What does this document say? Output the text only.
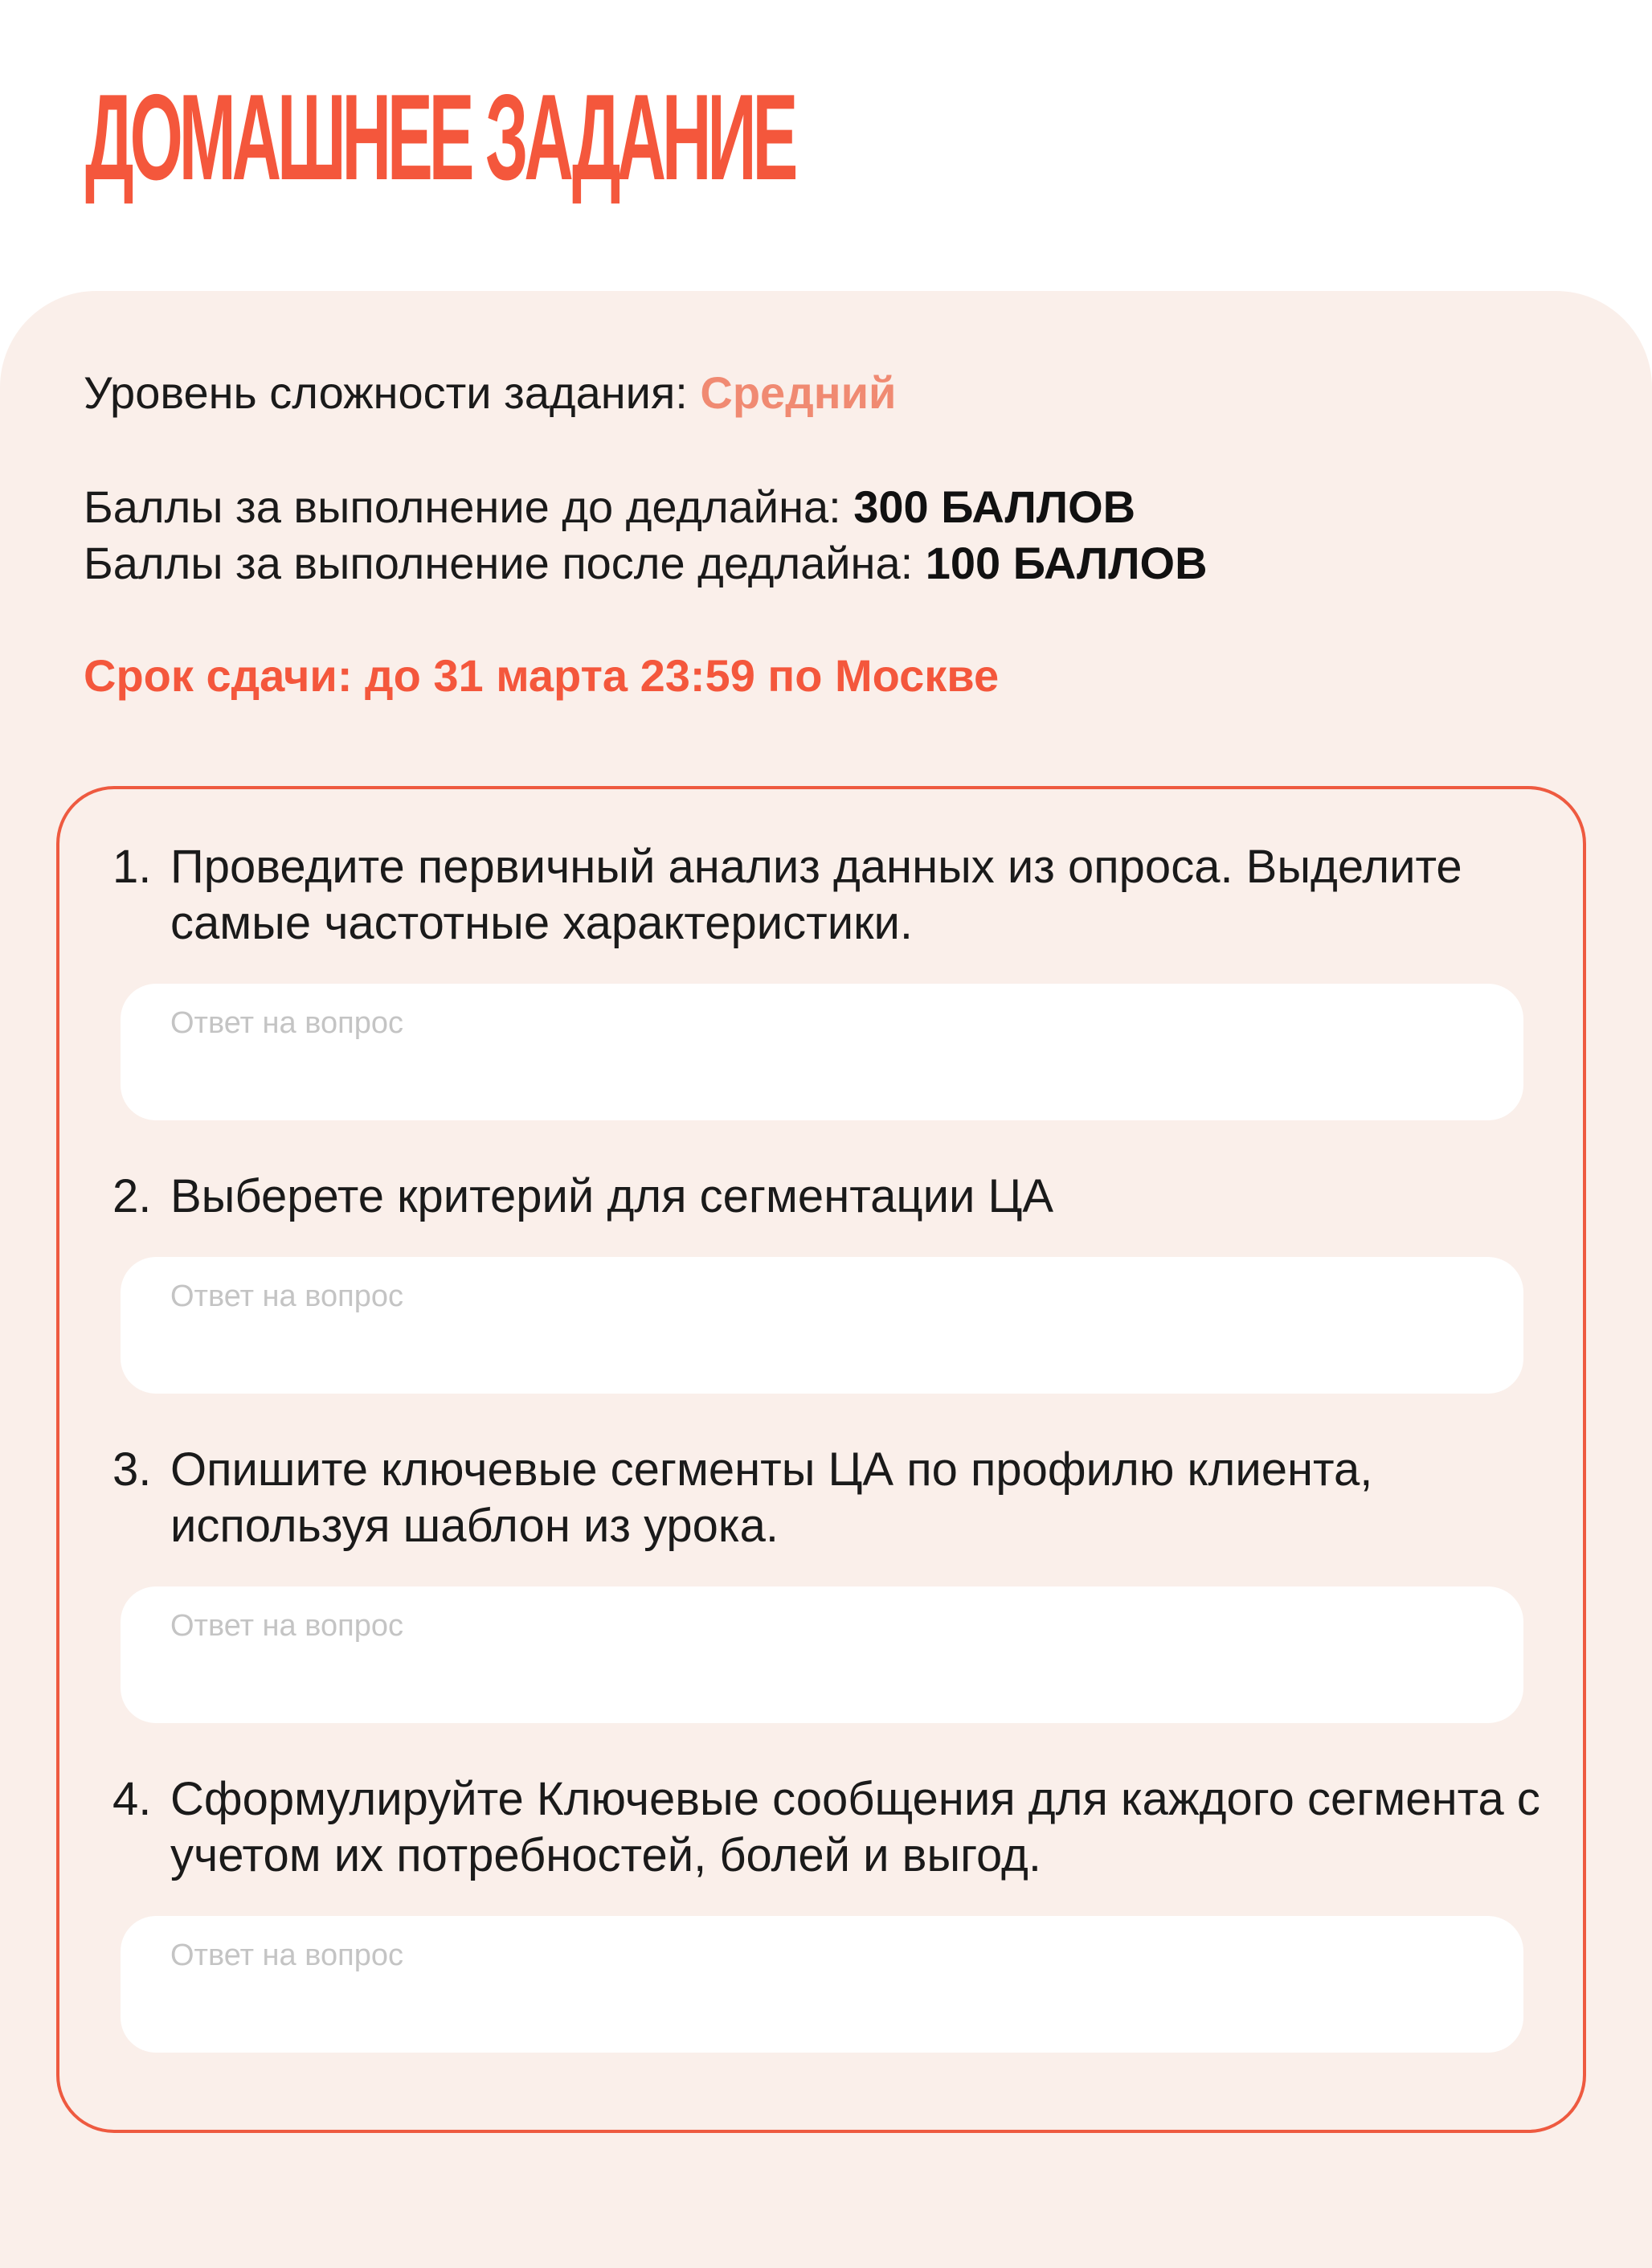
ДОМАШНЕЕ ЗАДАНИЕ
Уровень сложности задания: Средний
Баллы за выполнение до дедлайна: 300 БАЛЛОВ
Баллы за выполнение после дедлайна: 100 БАЛЛОВ
Срок сдачи: до 31 марта 23:59 по Москве
1. Проведите первичный анализ данных из опроса. Выделите самые частотные характеристики.
Ответ на вопрос
2. Выберете критерий для сегментации ЦА
Ответ на вопрос
3. Опишите ключевые сегменты ЦА по профилю клиента, используя шаблон из урока.
Ответ на вопрос
4. Сформулируйте Ключевые сообщения для каждого сегмента с учетом их потребностей, болей и выгод.
Ответ на вопрос
